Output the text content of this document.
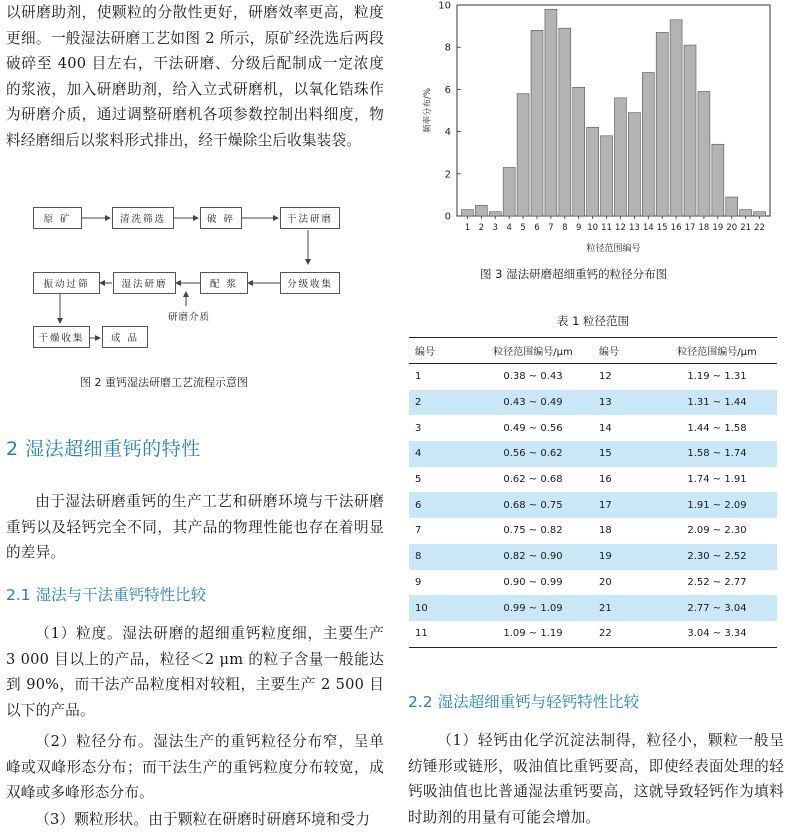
以研磨助剂，使颗粒的分散性更好，研磨效率更高，粒度更细。一般湿法研磨工艺如图 2 所示，原矿经洗选后两段破碎至 400 目左右，干法研磨、分级后配制成一定浓度的浆液，加入研磨助剂，给入立式研磨机，以氧化锆珠作为研磨介质，通过调整研磨机各项参数控制出料细度，物料经磨细后以浆料形式排出，经干燥除尘后收集装袋。

原 矿	清洗筛选	破 碎	干法研磨
分级收集
配 浆
湿法研磨
振动过筛
干燥收集	成 品
研磨介质
图 2 重钙湿法研磨工艺流程示意图
2 湿法超细重钙的特性

由于湿法研磨重钙的生产工艺和研磨环境与干法研磨重钙以及轻钙完全不同，其产品的物理性能也存在着明显的差异。

2.1 湿法与干法重钙特性比较

（1）粒度。湿法研磨的超细重钙粒度细，主要生产 3 000 目以上的产品，粒径＜2 μm 的粒子含量一般能达到 90%，而干法产品粒度相对较粗，主要生产 2 500 目以下的产品。

（2）粒径分布。湿法生产的重钙粒径分布窄，呈单峰或双峰形态分布；而干法生产的重钙粒度分布较宽，成双峰或多峰形态分布。

（3）颗粒形状。由于颗粒在研磨时研磨环境和受力

1 2 3 4 5 6 7 8 9 10 11 12 13 14 15 16 17 18 19 20 21 22
0
2
4
6
8
10
粒径范围编号
频率分布/%
图 3 湿法研磨超细重钙的粒径分布图
表 1 粒径范围
编号	粒径范围编号/μm	编号	粒径范围编号/μm
1	0.38 ~ 0.43	12	1.19 ~ 1.31
2	0.43 ~ 0.49	13	1.31 ~ 1.44
3	0.49 ~ 0.56	14	1.44 ~ 1.58
4	0.56 ~ 0.62	15	1.58 ~ 1.74
5	0.62 ~ 0.68	16	1.74 ~ 1.91
6	0.68 ~ 0.75	17	1.91 ~ 2.09
7	0.75 ~ 0.82	18	2.09 ~ 2.30
8	0.82 ~ 0.90	19	2.30 ~ 2.52
9	0.90 ~ 0.99	20	2.52 ~ 2.77
10	0.99 ~ 1.09	21	2.77 ~ 3.04
11	1.09 ~ 1.19	22	3.04 ~ 3.34
2.2 湿法超细重钙与轻钙特性比较

（1）轻钙由化学沉淀法制得，粒径小，颗粒一般呈纺锤形或链形，吸油值比重钙要高，即使经表面处理的轻钙吸油值也比普通湿法重钙要高，这就导致轻钙作为填料时助剂的用量有可能会增加。
